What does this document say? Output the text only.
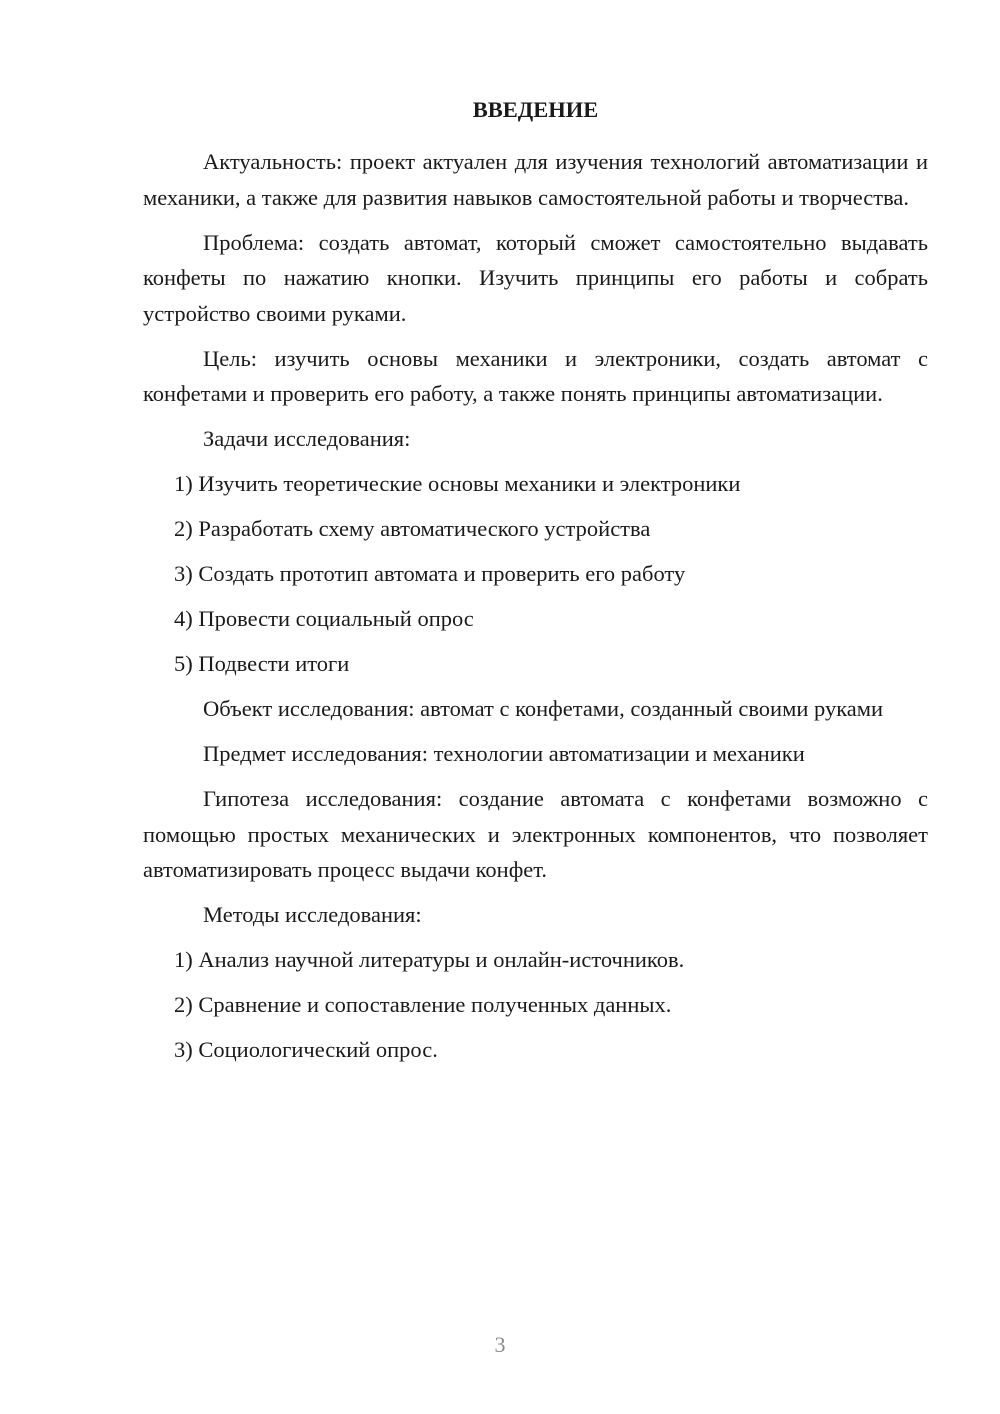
ВВЕДЕНИЕ

Актуальность: проект актуален для изучения технологий автоматизации и механики, а также для развития навыков самостоятельной работы и творчества.

Проблема: создать автомат, который сможет самостоятельно выдавать конфеты по нажатию кнопки. Изучить принципы его работы и собрать устройство своими руками.

Цель: изучить основы механики и электроники, создать автомат с конфетами и проверить его работу, а также понять принципы автоматизации.

Задачи исследования:

1) Изучить теоретические основы механики и электроники

2) Разработать схему автоматического устройства

3) Создать прототип автомата и проверить его работу

4) Провести социальный опрос

5) Подвести итоги

Объект исследования: автомат с конфетами, созданный своими руками

Предмет исследования: технологии автоматизации и механики

Гипотеза исследования: создание автомата с конфетами возможно с помощью простых механических и электронных компонентов, что позволяет автоматизировать процесс выдачи конфет.

Методы исследования:

1) Анализ научной литературы и онлайн-источников.

2) Сравнение и сопоставление полученных данных.

3) Социологический опрос.

3
